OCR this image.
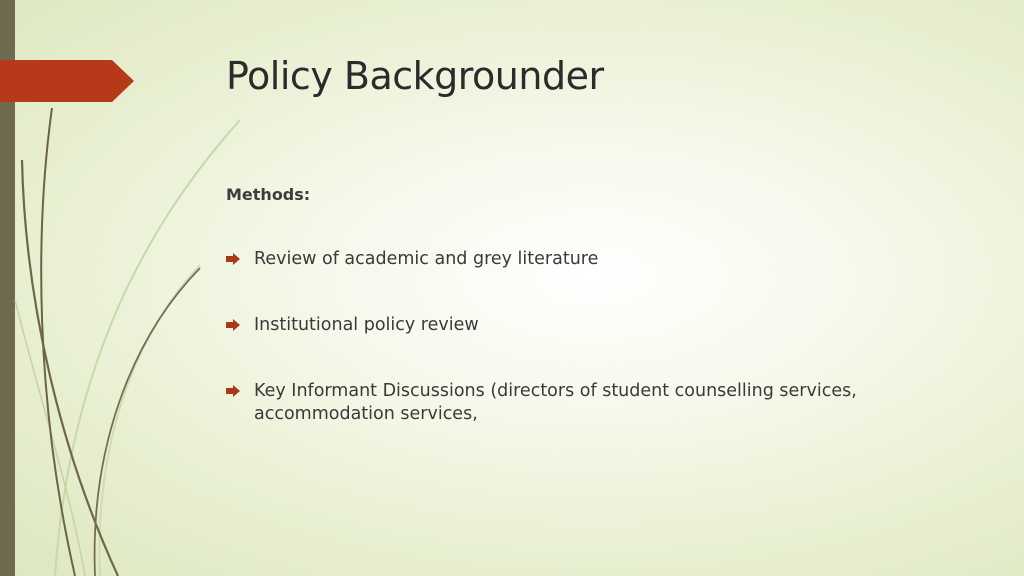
Policy Backgrounder

Methods:

Review of academic and grey literature
Institutional policy review
Key Informant Discussions (directors of student counselling services, accommodation services,
